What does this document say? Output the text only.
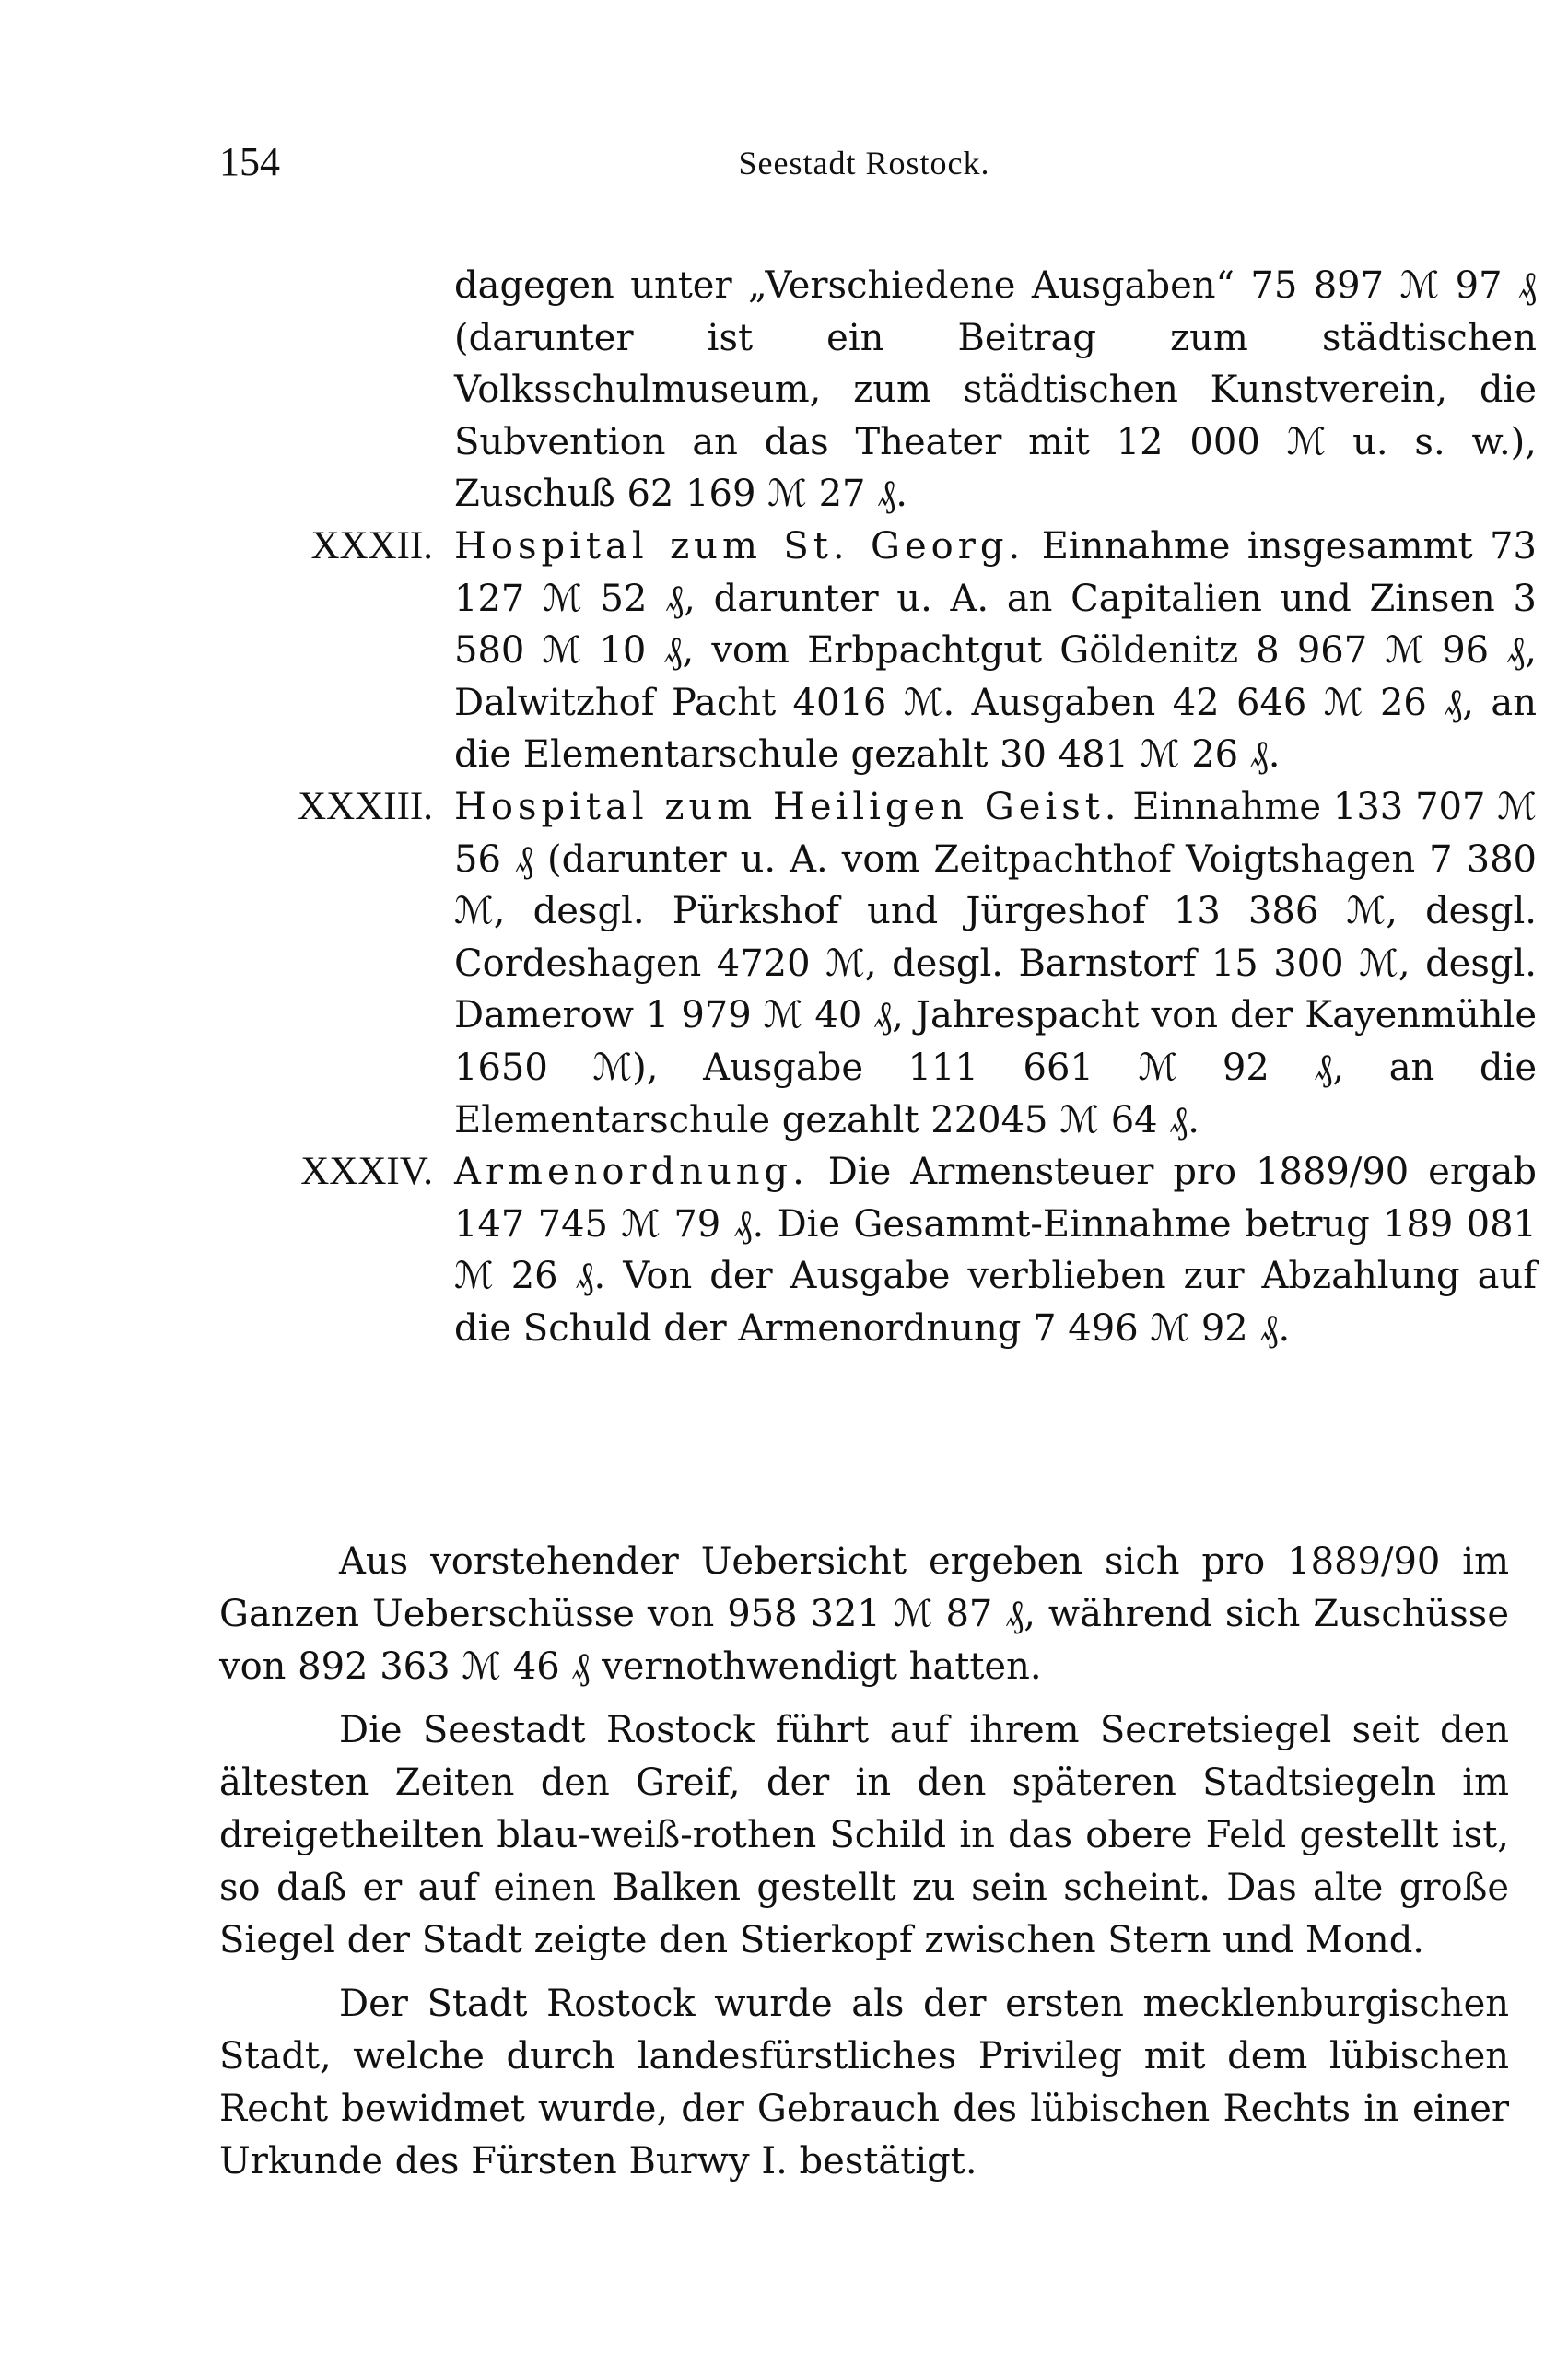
154	Seestadt Rostock.
dagegen unter „Verschiedene Ausgaben“ 75 897 ℳ 97 ₰ (darunter ist ein Beitrag zum städtischen Volksschulmuseum, zum städtischen Kunstverein, die Subvention an das Theater mit 12 000 ℳ u. s. w.), Zuschuß 62 169 ℳ 27 ₰.
XXXII. Hospital zum St. Georg. Einnahme insgesammt 73 127 ℳ 52 ₰, darunter u. A. an Capitalien und Zinsen 3 580 ℳ 10 ₰, vom Erbpachtgut Göldenitz 8 967 ℳ 96 ₰, Dalwitzhof Pacht 4016 ℳ. Ausgaben 42 646 ℳ 26 ₰, an die Elementarschule gezahlt 30 481 ℳ 26 ₰.
XXXIII. Hospital zum Heiligen Geist. Einnahme 133 707 ℳ 56 ₰ (darunter u. A. vom Zeitpachthof Voigtshagen 7 380 ℳ, desgl. Pürkshof und Jürgeshof 13 386 ℳ, desgl. Cordeshagen 4720 ℳ, desgl. Barnstorf 15 300 ℳ, desgl. Damerow 1 979 ℳ 40 ₰, Jahrespacht von der Kayenmühle 1650 ℳ), Ausgabe 111 661 ℳ 92 ₰, an die Elementarschule gezahlt 22045 ℳ 64 ₰.
XXXIV. Armenordnung. Die Armensteuer pro 1889/90 ergab 147 745 ℳ 79 ₰. Die Gesammt-Einnahme betrug 189 081 ℳ 26 ₰. Von der Ausgabe verblieben zur Abzahlung auf die Schuld der Armenordnung 7 496 ℳ 92 ₰.

Aus vorstehender Uebersicht ergeben sich pro 1889/90 im Ganzen Ueberschüsse von 958 321 ℳ 87 ₰, während sich Zuschüsse von 892 363 ℳ 46 ₰ vernothwendigt hatten.

Die Seestadt Rostock führt auf ihrem Secretsiegel seit den ältesten Zeiten den Greif, der in den späteren Stadtsiegeln im dreigetheilten blau-weiß-rothen Schild in das obere Feld gestellt ist, so daß er auf einen Balken gestellt zu sein scheint. Das alte große Siegel der Stadt zeigte den Stierkopf zwischen Stern und Mond.

Der Stadt Rostock wurde als der ersten mecklenburgischen Stadt, welche durch landesfürstliches Privileg mit dem lübischen Recht bewidmet wurde, der Gebrauch des lübischen Rechts in einer Urkunde des Fürsten Burwy I. bestätigt.
